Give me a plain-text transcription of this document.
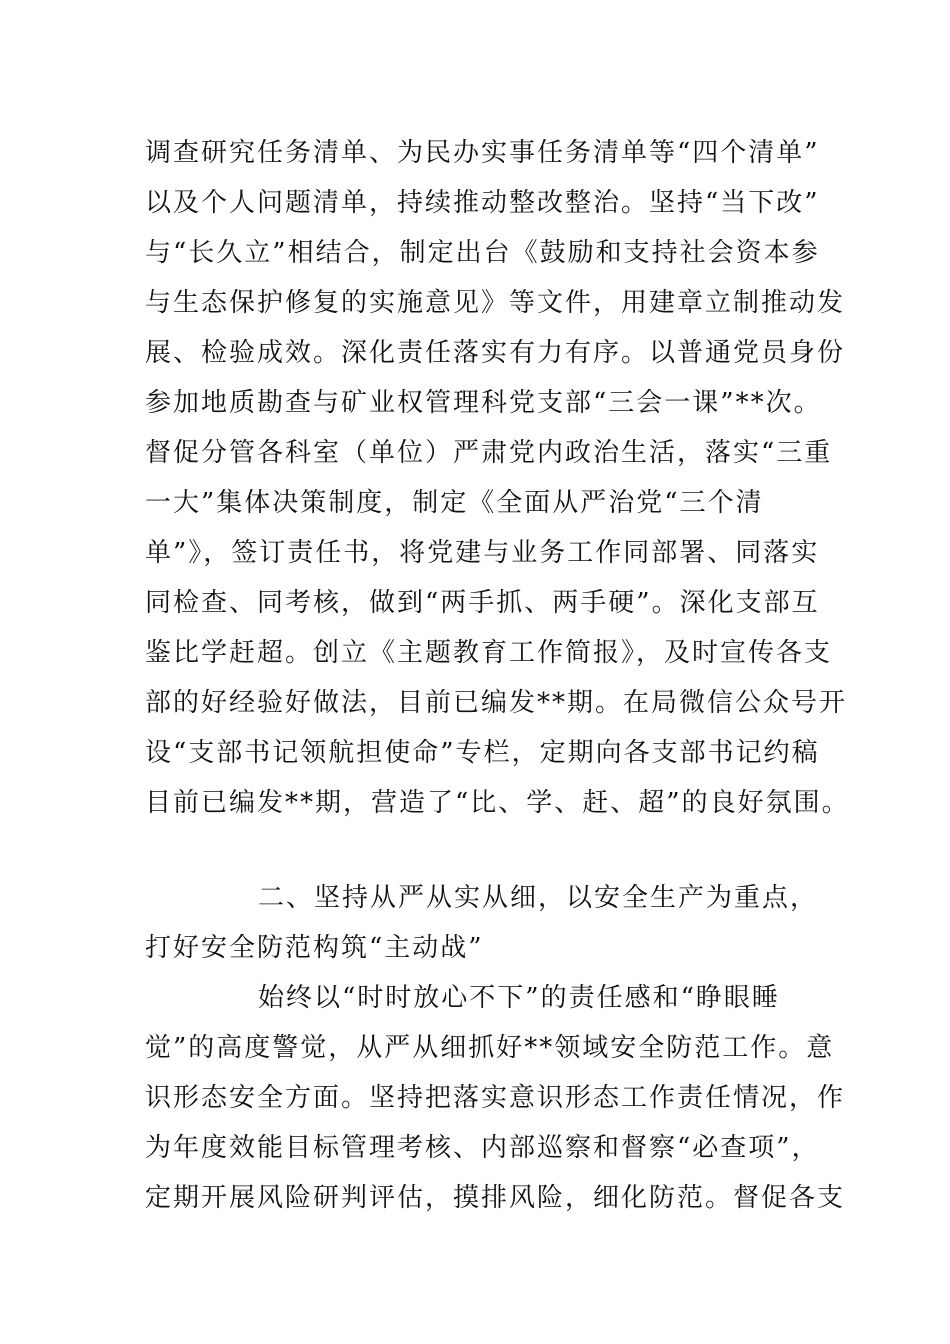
调查研究任务清单、为民办实事任务清单等“四个清单”
以及个人问题清单，持续推动整改整治。坚持“当下改”
与“长久立”相结合，制定出台《鼓励和支持社会资本参
与生态保护修复的实施意见》等文件，用建章立制推动发
展、检验成效。深化责任落实有力有序。以普通党员身份
参加地质勘查与矿业权管理科党支部“三会一课”**次。
督促分管各科室（单位）严肃党内政治生活，落实“三重
一大”集体决策制度，制定《全面从严治党“三个清
单”》，签订责任书，将党建与业务工作同部署、同落实
同检查、同考核，做到“两手抓、两手硬”。深化支部互
鉴比学赶超。创立《主题教育工作简报》，及时宣传各支
部的好经验好做法，目前已编发**期。在局微信公众号开
设“支部书记领航担使命”专栏，定期向各支部书记约稿
目前已编发**期，营造了“比、学、赶、超”的良好氛围。
二、坚持从严从实从细，以安全生产为重点，
打好安全防范构筑“主动战”
始终以“时时放心不下”的责任感和“睁眼睡
觉”的高度警觉，从严从细抓好**领域安全防范工作。意
识形态安全方面。坚持把落实意识形态工作责任情况，作
为年度效能目标管理考核、内部巡察和督察“必查项”，
定期开展风险研判评估，摸排风险，细化防范。督促各支
